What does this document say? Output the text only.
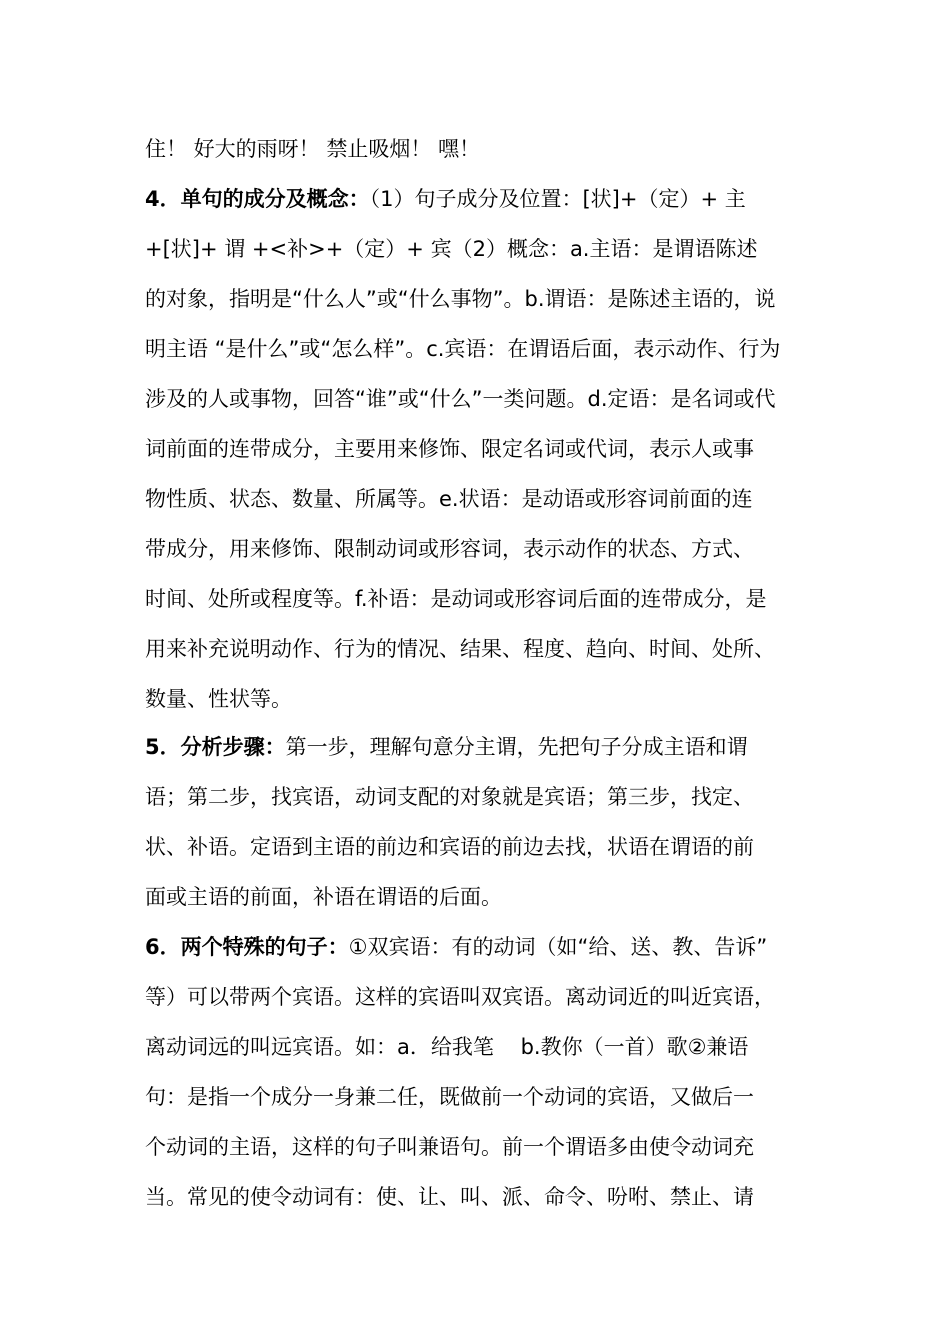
住！ 好大的雨呀！ 禁止吸烟！ 嘿！

4．单句的成分及概念：（1）句子成分及位置：[状]+（定）+ 主

+[状]+ 谓 +<补>+（定）+ 宾（2）概念：a.主语：是谓语陈述

的对象，指明是“什么人”或“什么事物”。b.谓语：是陈述主语的，说

明主语 “是什么”或“怎么样”。c.宾语：在谓语后面，表示动作、行为

涉及的人或事物，回答“谁”或“什么”一类问题。d.定语：是名词或代

词前面的连带成分，主要用来修饰、限定名词或代词，表示人或事

物性质、状态、数量、所属等。e.状语：是动语或形容词前面的连

带成分，用来修饰、限制动词或形容词，表示动作的状态、方式、

时间、处所或程度等。f.补语：是动词或形容词后面的连带成分，是

用来补充说明动作、行为的情况、结果、程度、趋向、时间、处所、

数量、性状等。

5．分析步骤：第一步，理解句意分主谓，先把句子分成主语和谓

语；第二步，找宾语，动词支配的对象就是宾语；第三步，找定、

状、补语。定语到主语的前边和宾语的前边去找，状语在谓语的前

面或主语的前面，补语在谓语的后面。

6．两个特殊的句子：①双宾语：有的动词（如“给、送、教、告诉”

等）可以带两个宾语。这样的宾语叫双宾语。离动词近的叫近宾语，

离动词远的叫远宾语。如：a．给我笔    b.教你（一首）歌②兼语

句：是指一个成分一身兼二任，既做前一个动词的宾语，又做后一

个动词的主语，这样的句子叫兼语句。前一个谓语多由使令动词充

当。常见的使令动词有：使、让、叫、派、命令、吩咐、禁止、请
